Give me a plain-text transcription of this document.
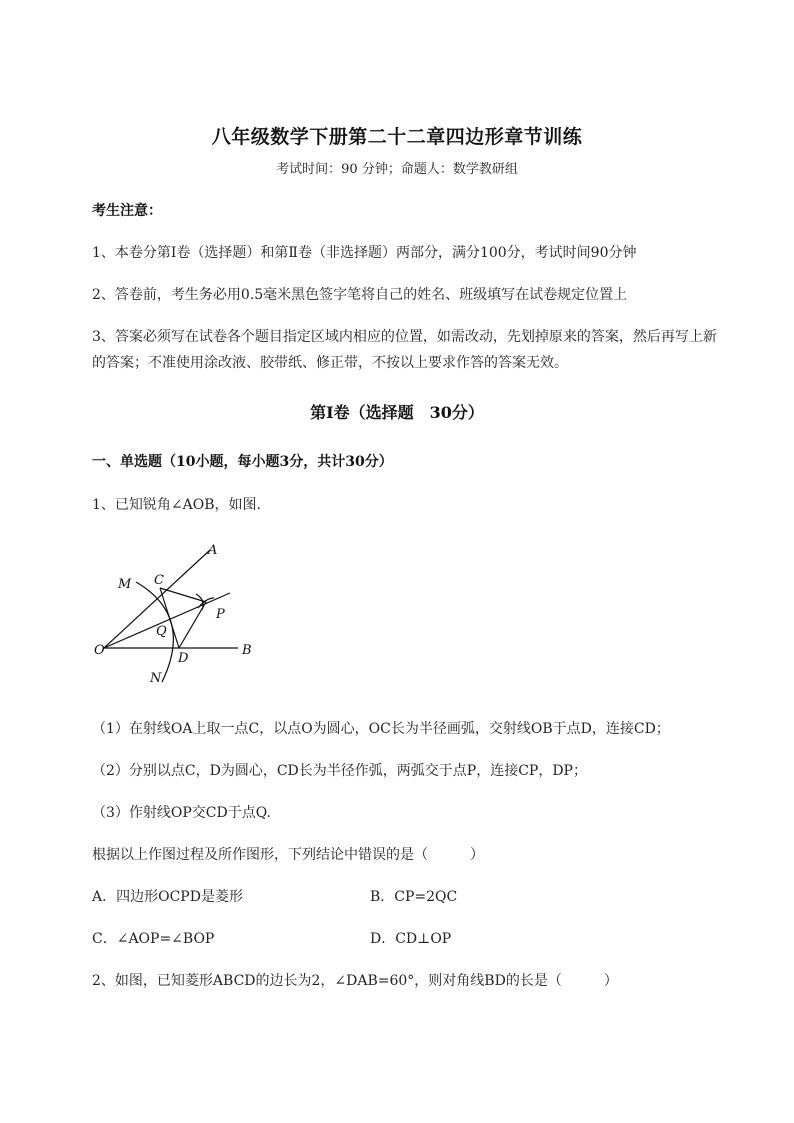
八年级数学下册第二十二章四边形章节训练
考试时间：90 分钟；命题人：数学教研组
考生注意：
1、本卷分第Ⅰ卷（选择题）和第Ⅱ卷（非选择题）两部分，满分100分，考试时间90分钟
2、答卷前，考生务必用0.5毫米黑色签字笔将自己的姓名、班级填写在试卷规定位置上
3、答案必须写在试卷各个题目指定区域内相应的位置，如需改动，先划掉原来的答案，然后再写上新
的答案；不准使用涂改液、胶带纸、修正带，不按以上要求作答的答案无效。
第Ⅰ卷（选择题　30分）
一、单选题（10小题，每小题3分，共计30分）
1、已知锐角∠AOB，如图.
A
M C
P
Q
O
D
B
N
（1）在射线OA上取一点C，以点O为圆心，OC长为半径画弧，交射线OB于点D，连接CD；
（2）分别以点C，D为圆心，CD长为半径作弧，两弧交于点P，连接CP，DP；
（3）作射线OP交CD于点Q.
根据以上作图过程及所作图形，下列结论中错误的是（　　　）
A．四边形OCPD是菱形	B．CP=2QC
C．∠AOP=∠BOP	D．CD⊥OP
2、如图，已知菱形ABCD的边长为2，∠DAB=60°，则对角线BD的长是（　　　）
